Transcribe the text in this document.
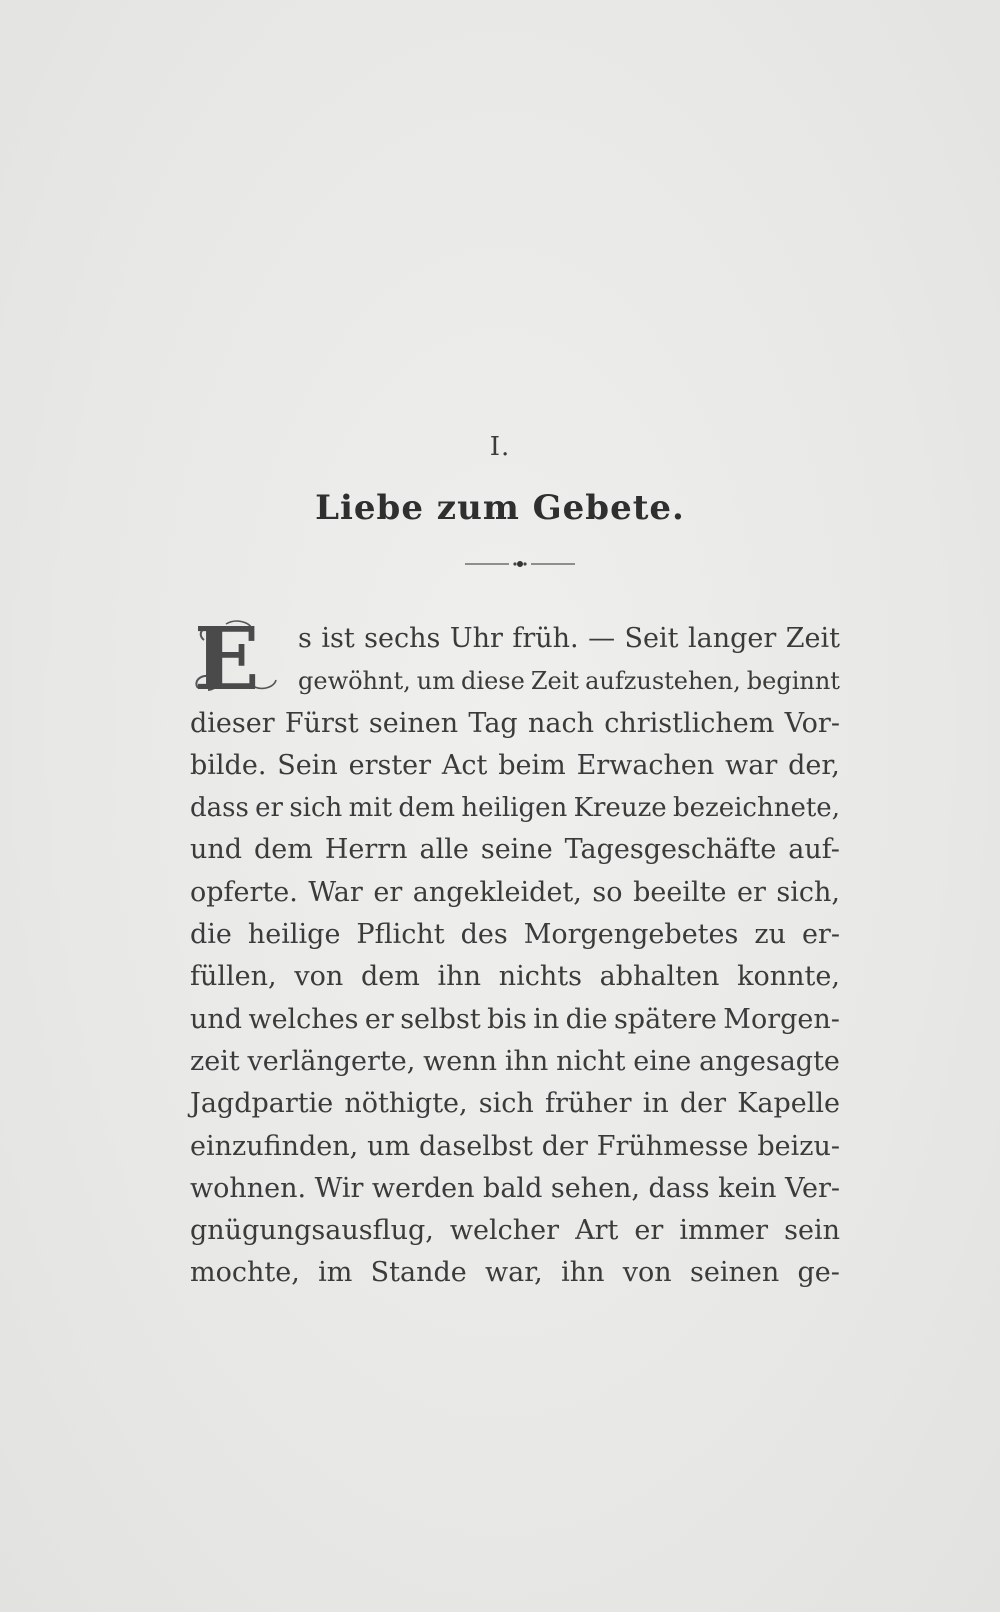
I.
Liebe zum Gebete.
E s ist sechs Uhr früh. — Seit langer Zeit
gewöhnt, um diese Zeit aufzustehen, beginnt
dieser Fürst seinen Tag nach christlichem Vor-
bilde. Sein erster Act beim Erwachen war der,
dass er sich mit dem heiligen Kreuze bezeichnete,
und dem Herrn alle seine Tagesgeschäfte auf-
opferte. War er angekleidet, so beeilte er sich,
die heilige Pflicht des Morgengebetes zu er-
füllen, von dem ihn nichts abhalten konnte,
und welches er selbst bis in die spätere Morgen-
zeit verlängerte, wenn ihn nicht eine angesagte
Jagdpartie nöthigte, sich früher in der Kapelle
einzufinden, um daselbst der Frühmesse beizu-
wohnen. Wir werden bald sehen, dass kein Ver-
gnügungsausflug, welcher Art er immer sein
mochte, im Stande war, ihn von seinen ge-
